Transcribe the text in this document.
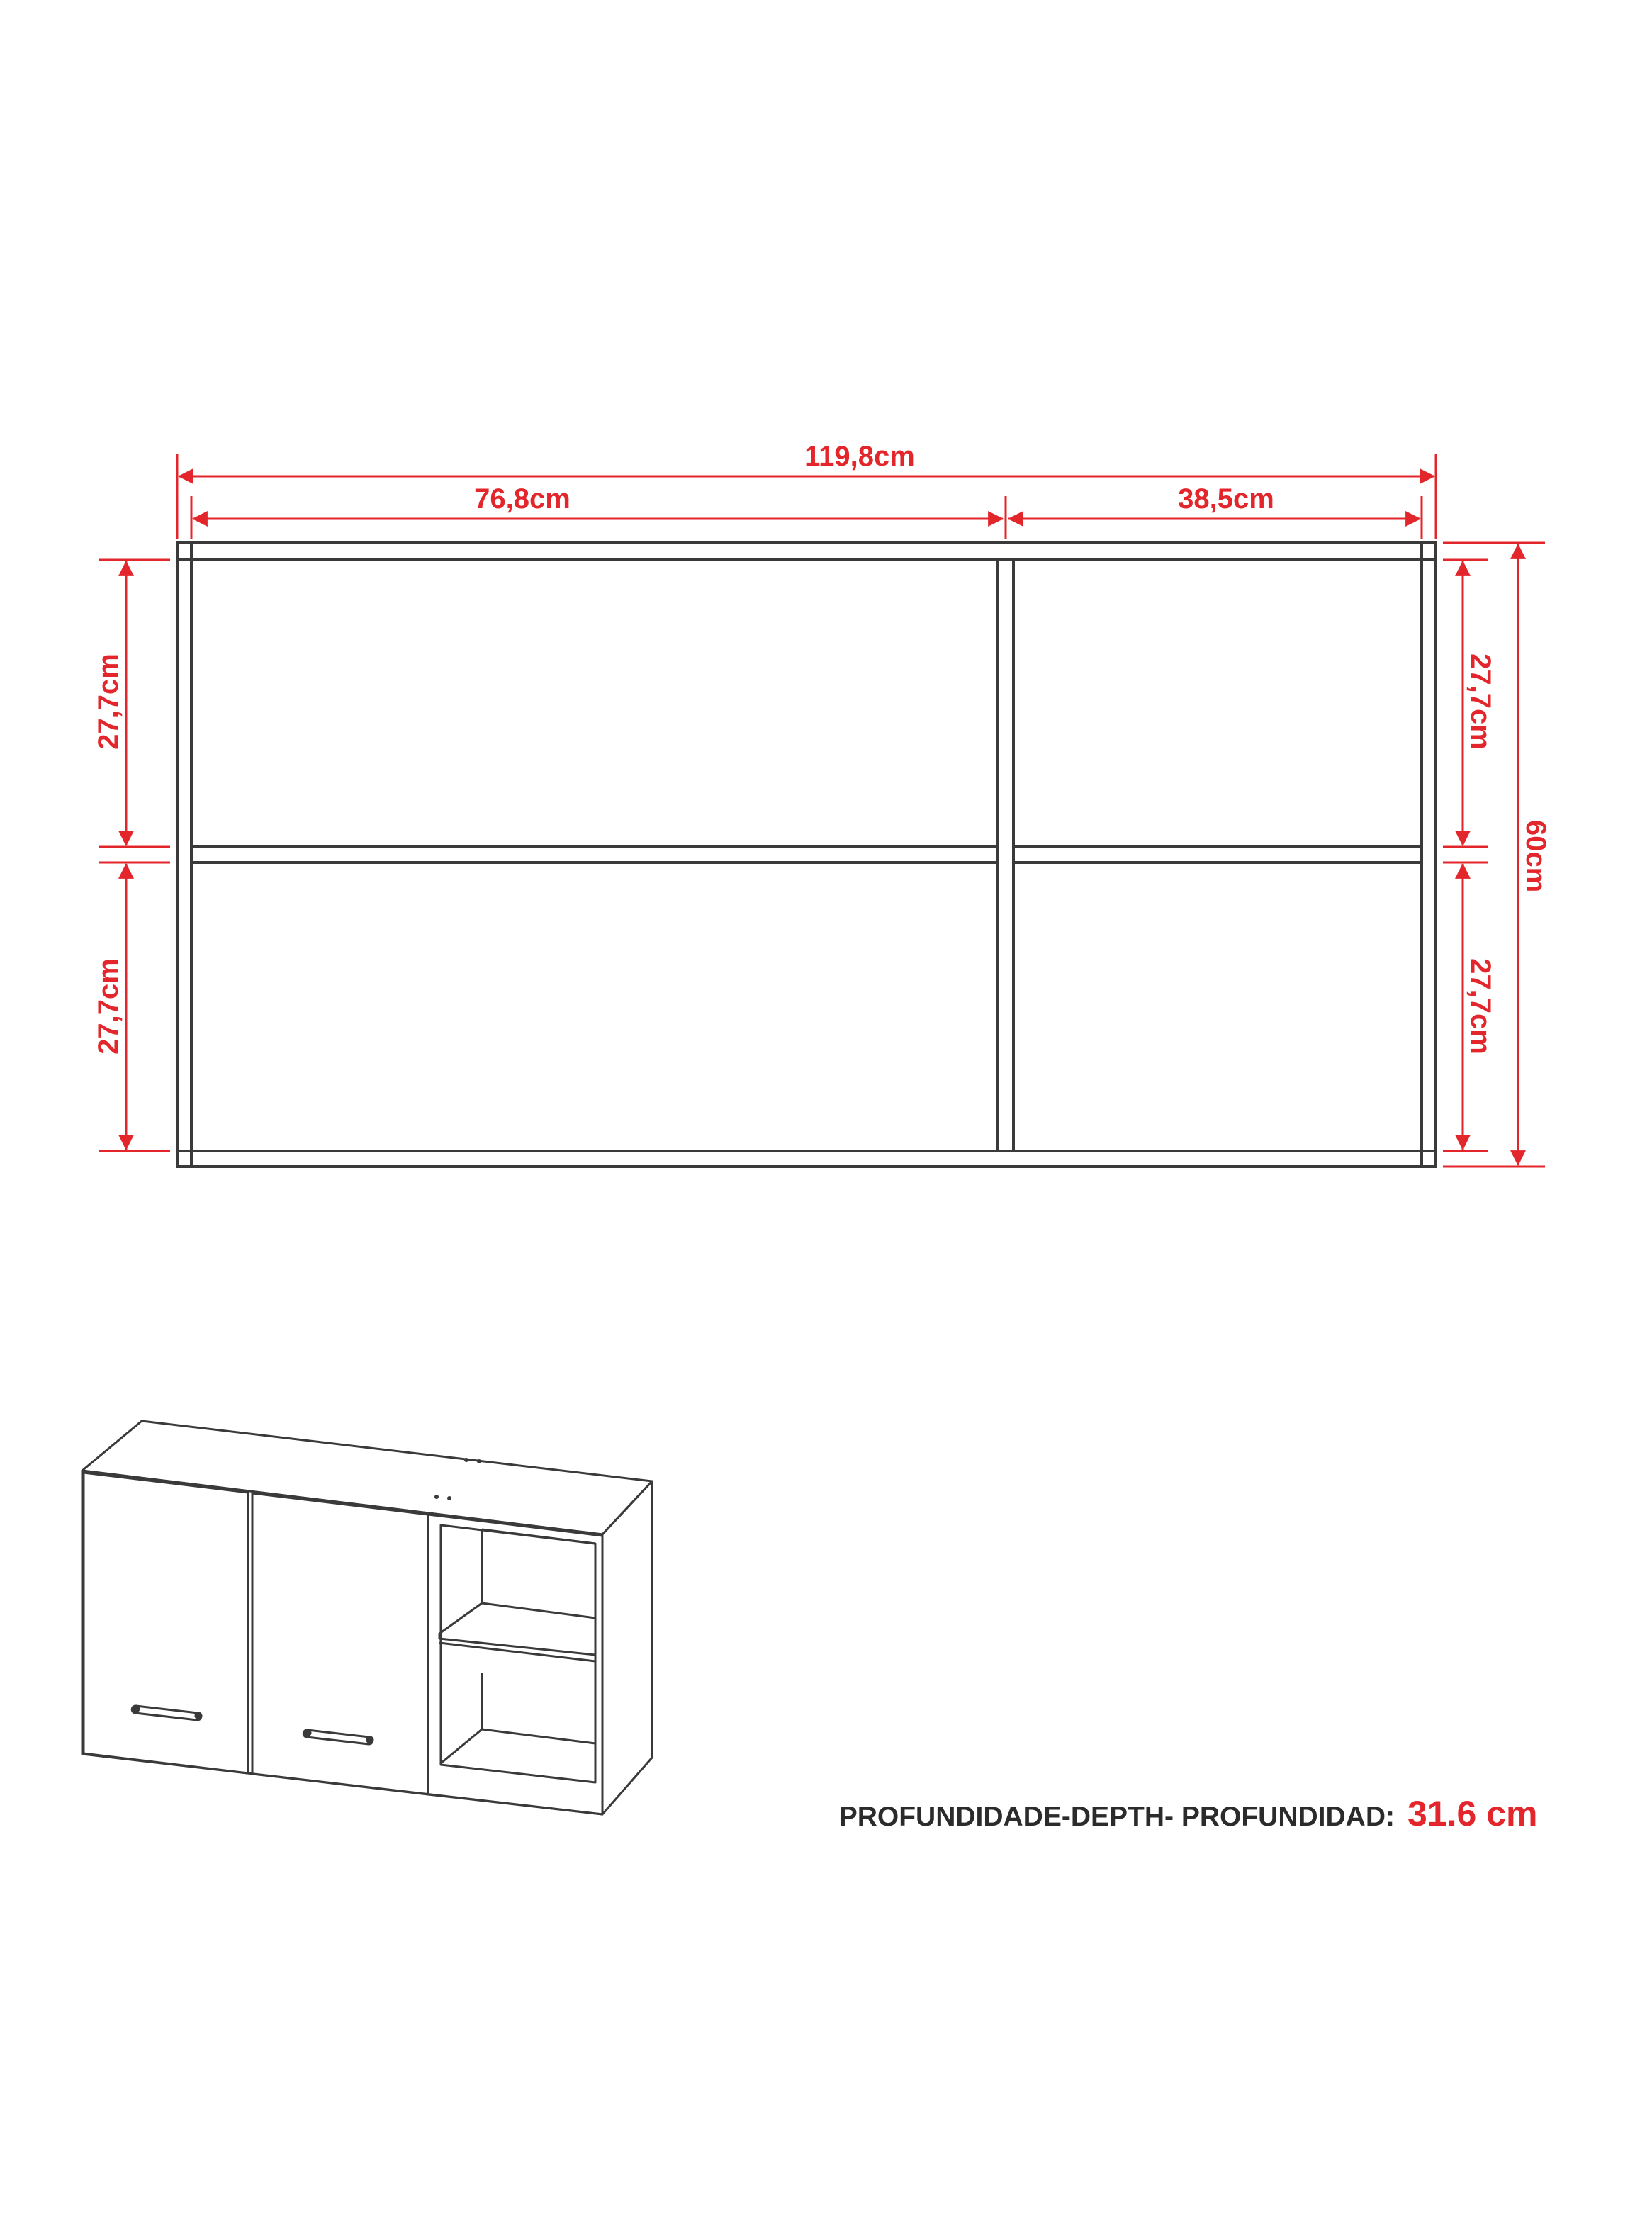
119,8cm
76,8cm	38,5cm
27,7cm
27,7cm
27,7cm
27,7cm
60cm
PROFUNDIDADE-DEPTH- PROFUNDIDAD: 31.6 cm
